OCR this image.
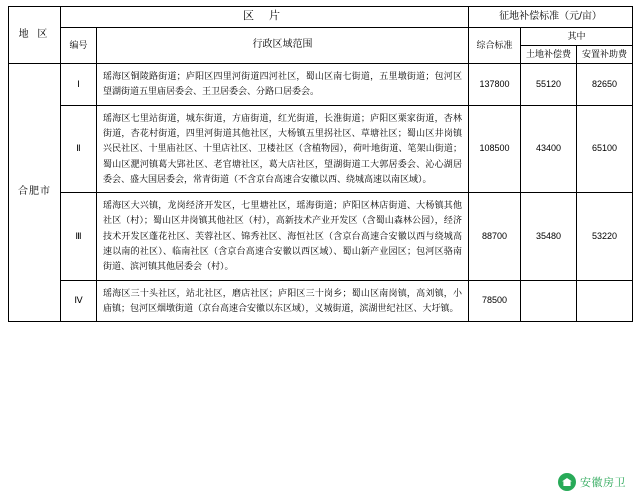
地 区	区 片		征地补偿标准（元/亩）		
	编号	行政区域范围	综合标准	其中	
				土地补偿费	安置补助费
合肥市	Ⅰ	瑶海区铜陵路街道；庐阳区四里河街道四河社区，蜀山区南七街道，五里墩街道；包河区望湖街道五里庙居委会、王卫居委会、分路口居委会。	137800	55120	82650
	Ⅱ	瑶海区七里站街道，城东街道，方庙街道，红光街道，长淮街道；庐阳区栗家街道，杏林街道，杏花村街道，四里河街道其他社区，大杨镇五里拐社区、草塘社区；蜀山区井岗镇兴民社区、十里庙社区、十里店社区、卫楼社区（含植物园），荷叶地街道、笔架山街道；蜀山区淝河镇葛大郢社区、老官塘社区，葛大店社区，望湖街道工大郭居委会、沁心湖居委会、盛大国居委会，常青街道（不含京台高速合安徽以西、绕城高速以南区域）。	108500	43400	65100
	Ⅲ	瑶海区大兴镇，龙岗经济开发区，七里塘社区，瑶海街道；庐阳区林店街道、大杨镇其他社区（村）；蜀山区井岗镇其他社区（村），高新技术产业开发区（含蜀山森林公园），经济技术开发区蓬花社区、芙蓉社区、锦秀社区、海恒社区（含京台高速合安徽以西与绕城高速以南的社区）、临南社区（含京台高速合安徽以西区域）、蜀山新产业园区；包河区骆南街道、滨河镇其他居委会（村）。	88700	35480	53220
	Ⅳ	瑶海区三十头社区，站北社区，磨店社区；庐阳区三十岗乡；蜀山区南岗镇，高刘镇，小庙镇；包河区烟墩街道（京台高速合安徽以东区域），义城街道，滨湖世纪社区、大圩镇。	78500		
安徽房卫
